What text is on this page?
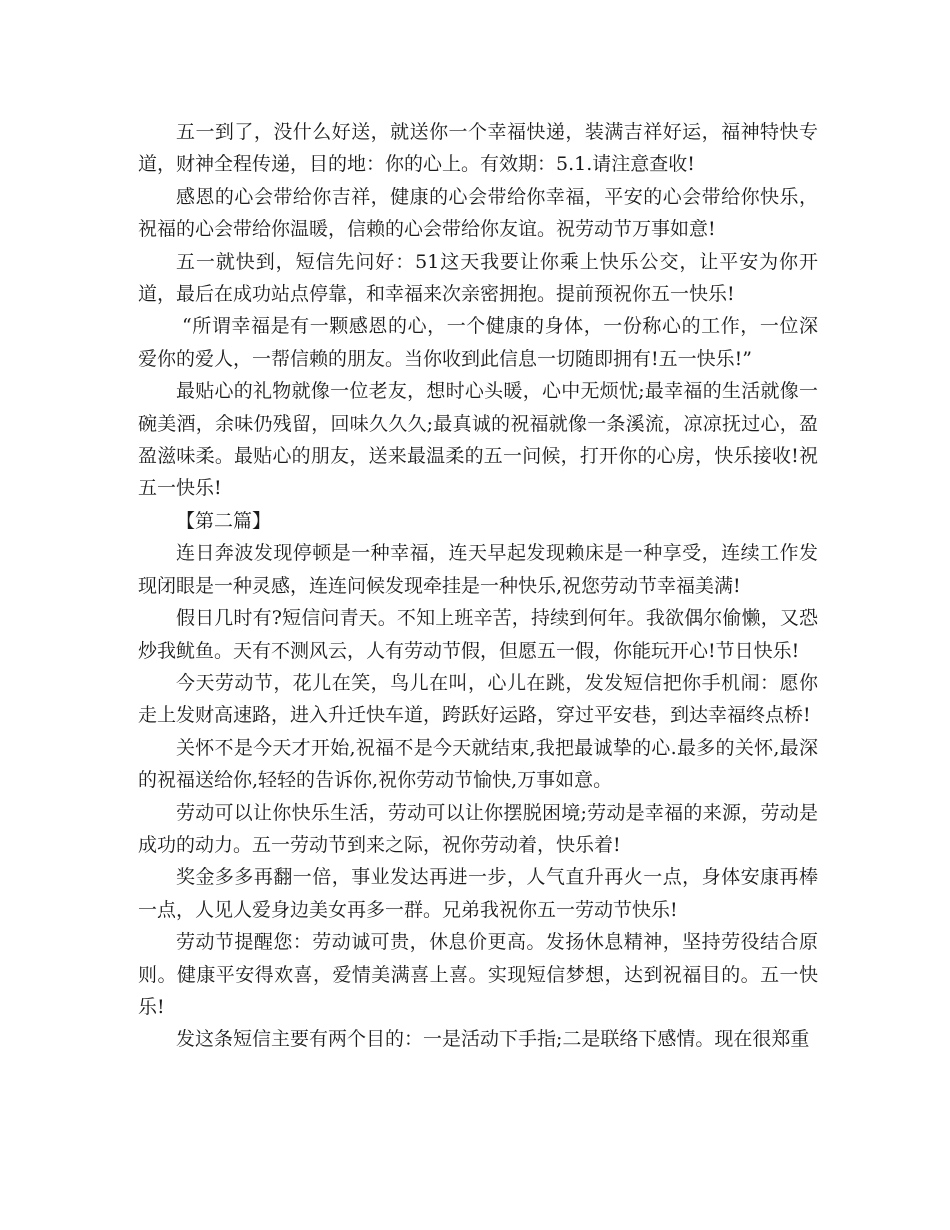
五一到了，没什么好送，就送你一个幸福快递，装满吉祥好运，福神特快专道，财神全程传递，目的地：你的心上。有效期：5.1.请注意查收!

感恩的心会带给你吉祥，健康的心会带给你幸福，平安的心会带给你快乐，祝福的心会带给你温暖，信赖的心会带给你友谊。祝劳动节万事如意!

五一就快到，短信先问好：51这天我要让你乘上快乐公交，让平安为你开道，最后在成功站点停靠，和幸福来次亲密拥抱。提前预祝你五一快乐!

“所谓幸福是有一颗感恩的心，一个健康的身体，一份称心的工作，一位深爱你的爱人，一帮信赖的朋友。当你收到此信息一切随即拥有!五一快乐!”

最贴心的礼物就像一位老友，想时心头暖，心中无烦忧;最幸福的生活就像一碗美酒，余味仍残留，回味久久久;最真诚的祝福就像一条溪流，凉凉抚过心，盈盈滋味柔。最贴心的朋友，送来最温柔的五一问候，打开你的心房，快乐接收!祝五一快乐!

【第二篇】

连日奔波发现停顿是一种幸福，连天早起发现赖床是一种享受，连续工作发现闭眼是一种灵感，连连问候发现牵挂是一种快乐,祝您劳动节幸福美满!

假日几时有?短信问青天。不知上班辛苦，持续到何年。我欲偶尔偷懒，又恐炒我鱿鱼。天有不测风云，人有劳动节假，但愿五一假，你能玩开心!节日快乐!

今天劳动节，花儿在笑，鸟儿在叫，心儿在跳，发发短信把你手机闹：愿你走上发财高速路，进入升迁快车道，跨跃好运路，穿过平安巷，到达幸福终点桥!

关怀不是今天才开始,祝福不是今天就结束,我把最诚挚的心.最多的关怀,最深的祝福送给你,轻轻的告诉你,祝你劳动节愉快,万事如意。

劳动可以让你快乐生活，劳动可以让你摆脱困境;劳动是幸福的来源，劳动是成功的动力。五一劳动节到来之际，祝你劳动着，快乐着!

奖金多多再翻一倍，事业发达再进一步，人气直升再火一点，身体安康再棒一点，人见人爱身边美女再多一群。兄弟我祝你五一劳动节快乐!

劳动节提醒您：劳动诚可贵，休息价更高。发扬休息精神，坚持劳役结合原则。健康平安得欢喜，爱情美满喜上喜。实现短信梦想，达到祝福目的。五一快乐!

发这条短信主要有两个目的：一是活动下手指;二是联络下感情。现在很郑重
